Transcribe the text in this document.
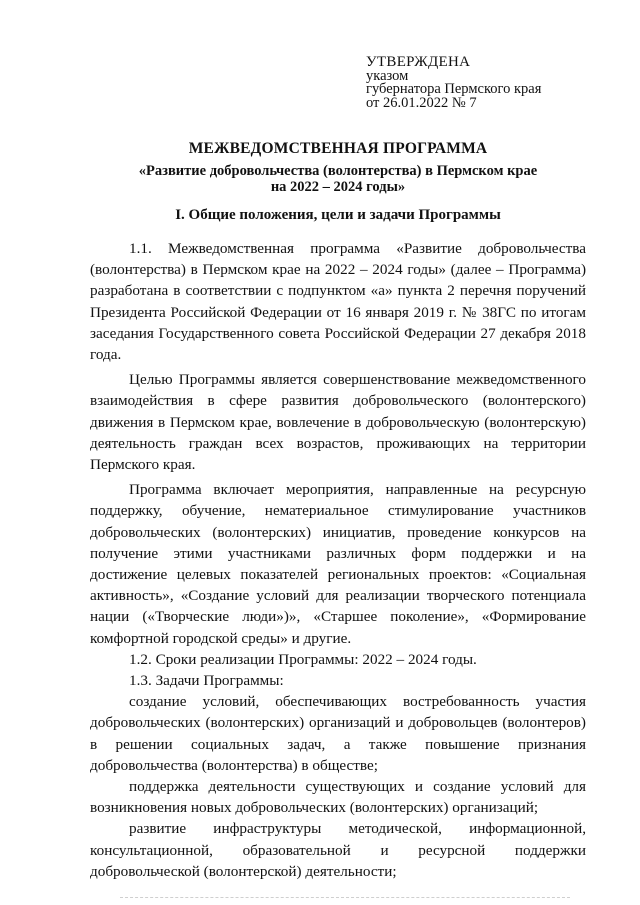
УТВЕРЖДЕНА
указом
губернатора Пермского края
от 26.01.2022 № 7
МЕЖВЕДОМСТВЕННАЯ ПРОГРАММА
«Развитие добровольчества (волонтерства) в Пермском крае
на 2022 – 2024 годы»
I. Общие положения, цели и задачи Программы

1.1. Межведомственная программа «Развитие добровольчества (волонтерства) в Пермском крае на 2022 – 2024 годы» (далее – Программа) разработана в соответствии с подпунктом «а» пункта 2 перечня поручений Президента Российской Федерации от 16 января 2019 г. № 38ГС по итогам заседания Государственного совета Российской Федерации 27 декабря 2018 года.

Целью Программы является совершенствование межведомственного взаимодействия в сфере развития добровольческого (волонтерского) движения в Пермском крае, вовлечение в добровольческую (волонтерскую) деятельность граждан всех возрастов, проживающих на территории Пермского края.

Программа включает мероприятия, направленные на ресурсную поддержку, обучение, нематериальное стимулирование участников добровольческих (волонтерских) инициатив, проведение конкурсов на получение этими участниками различных форм поддержки и на достижение целевых показателей региональных проектов: «Социальная активность», «Создание условий для реализации творческого потенциала нации («Творческие люди»)», «Старшее поколение», «Формирование комфортной городской среды» и другие.

1.2. Сроки реализации Программы: 2022 – 2024 годы.

1.3. Задачи Программы:

создание условий, обеспечивающих востребованность участия добровольческих (волонтерских) организаций и добровольцев (волонтеров) в решении социальных задач, а также повышение признания добровольчества (волонтерства) в обществе;

поддержка деятельности существующих и создание условий для возникновения новых добровольческих (волонтерских) организаций;

развитие инфраструктуры методической, информационной, консультационной, образовательной и ресурсной поддержки добровольческой (волонтерской) деятельности;
